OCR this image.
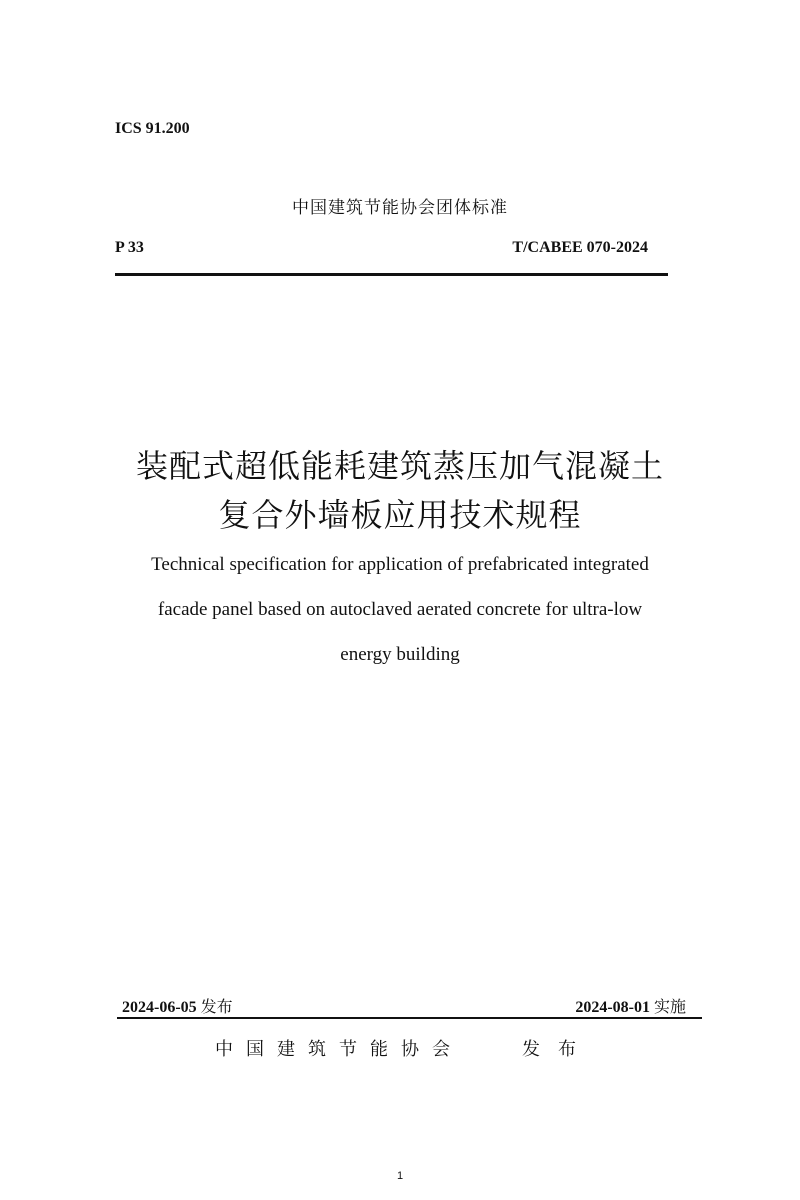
ICS 91.200
中国建筑节能协会团体标准
P 33	T/CABEE 070-2024
装配式超低能耗建筑蒸压加气混凝土
复合外墙板应用技术规程
Technical specification for application of prefabricated integrated
facade panel based on autoclaved aerated concrete for ultra-low
energy building
2024-06-05 发布	2024-08-01 实施
中国建筑节能协会	发布
1
